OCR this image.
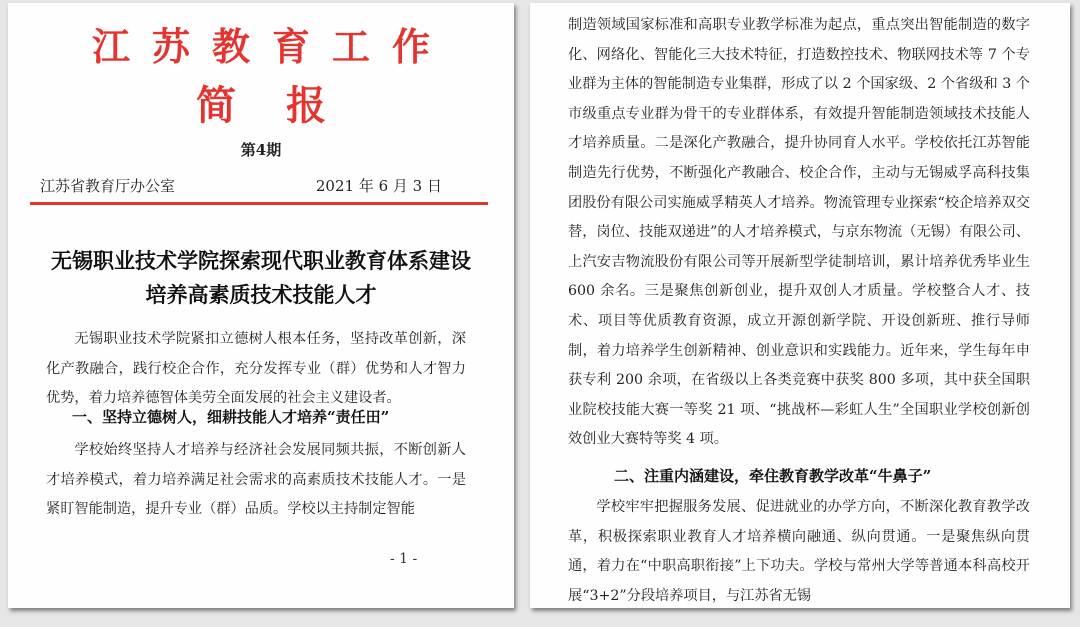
江苏教育工作
简报
第4期
江苏省教育厅办公室	2021 年 6 月 3 日
无锡职业技术学院探索现代职业教育体系建设
培养高素质技术技能人才

无锡职业技术学院紧扣立德树人根本任务，坚持改革创新，深化产教融合，践行校企合作，充分发挥专业（群）优势和人才智力优势，着力培养德智体美劳全面发展的社会主义建设者。

一、坚持立德树人，细耕技能人才培养“责任田”

学校始终坚持人才培养与经济社会发展同频共振，不断创新人才培养模式，着力培养满足社会需求的高素质技术技能人才。一是紧盯智能制造，提升专业（群）品质。学校以主持制定智能

- 1 -

制造领域国家标准和高职专业教学标准为起点，重点突出智能制造的数字化、网络化、智能化三大技术特征，打造数控技术、物联网技术等 7 个专业群为主体的智能制造专业集群，形成了以 2 个国家级、2 个省级和 3 个市级重点专业群为骨干的专业群体系，有效提升智能制造领域技术技能人才培养质量。二是深化产教融合，提升协同育人水平。学校依托江苏智能制造先行优势，不断强化产教融合、校企合作，主动与无锡威孚高科技集团股份有限公司实施威孚精英人才培养。物流管理专业探索“校企培养双交替，岗位、技能双递进”的人才培养模式，与京东物流（无锡）有限公司、上汽安吉物流股份有限公司等开展新型学徒制培训，累计培养优秀毕业生 600 余名。三是聚焦创新创业，提升双创人才质量。学校整合人才、技术、项目等优质教育资源，成立开源创新学院、开设创新班、推行导师制，着力培养学生创新精神、创业意识和实践能力。近年来，学生每年申获专利 200 余项，在省级以上各类竞赛中获奖 800 多项，其中获全国职业院校技能大赛一等奖 21 项、“挑战杯—彩虹人生”全国职业学校创新创效创业大赛特等奖 4 项。

二、注重内涵建设，牵住教育教学改革“牛鼻子”

学校牢牢把握服务发展、促进就业的办学方向，不断深化教育教学改革，积极探索职业教育人才培养横向融通、纵向贯通。一是聚焦纵向贯通，着力在“中职高职衔接”上下功夫。学校与常州大学等普通本科高校开展“3+2”分段培养项目，与江苏省无锡
